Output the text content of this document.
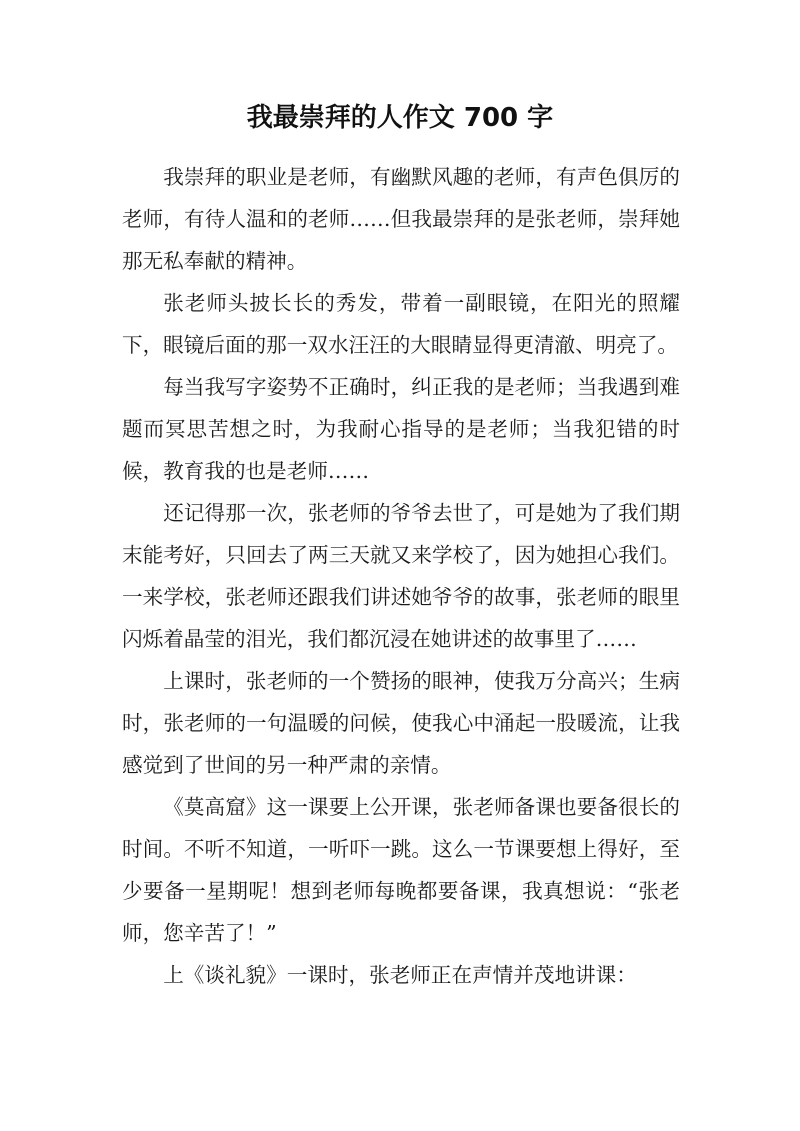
我最崇拜的人作文 700 字

我崇拜的职业是老师，有幽默风趣的老师，有声色俱厉的老师，有待人温和的老师……但我最崇拜的是张老师，崇拜她那无私奉献的精神。

张老师头披长长的秀发，带着一副眼镜，在阳光的照耀下，眼镜后面的那一双水汪汪的大眼睛显得更清澈、明亮了。

每当我写字姿势不正确时，纠正我的是老师；当我遇到难题而冥思苦想之时，为我耐心指导的是老师；当我犯错的时候，教育我的也是老师……

还记得那一次，张老师的爷爷去世了，可是她为了我们期末能考好，只回去了两三天就又来学校了，因为她担心我们。一来学校，张老师还跟我们讲述她爷爷的故事，张老师的眼里闪烁着晶莹的泪光，我们都沉浸在她讲述的故事里了……

上课时，张老师的一个赞扬的眼神，使我万分高兴；生病时，张老师的一句温暖的问候，使我心中涌起一股暖流，让我感觉到了世间的另一种严肃的亲情。

《莫高窟》这一课要上公开课，张老师备课也要备很长的时间。不听不知道，一听吓一跳。这么一节课要想上得好，至少要备一星期呢！想到老师每晚都要备课，我真想说：“张老师，您辛苦了！”

上《谈礼貌》一课时，张老师正在声情并茂地讲课：
